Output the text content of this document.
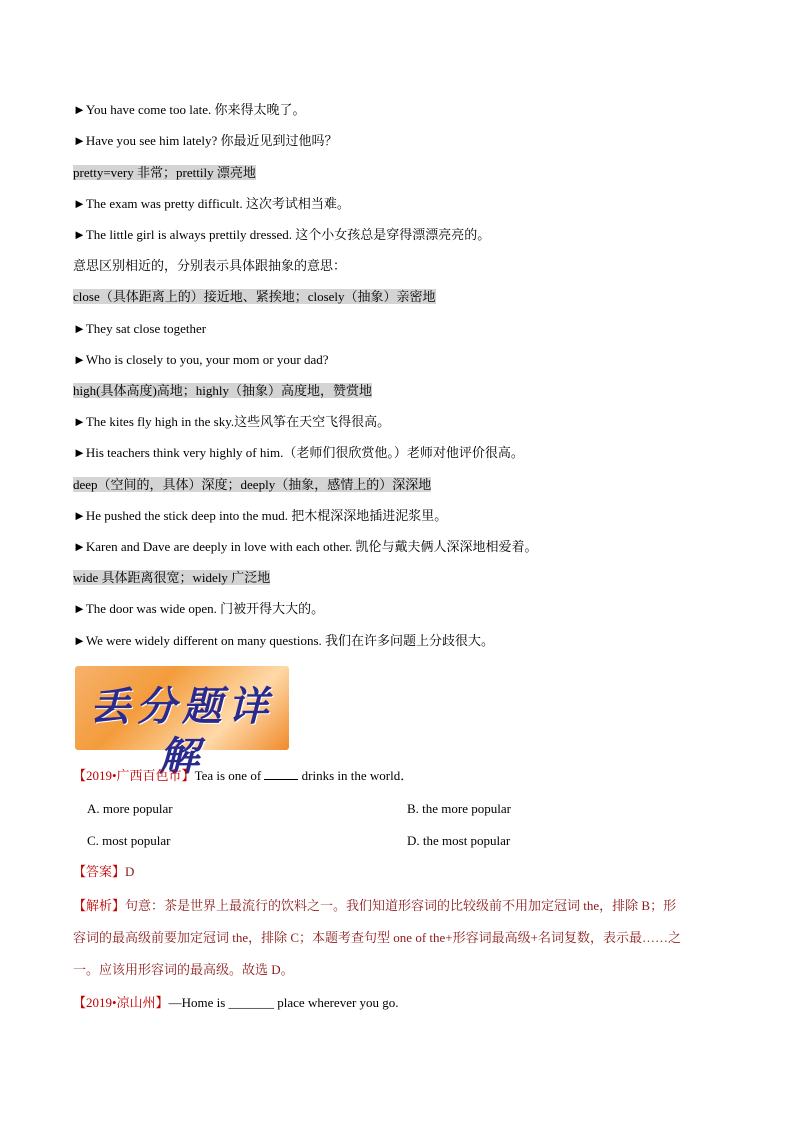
►You have come too late. 你来得太晚了。
►Have you see him lately? 你最近见到过他吗？
pretty=very 非常；prettily 漂亮地
►The exam was pretty difficult. 这次考试相当难。
►The little girl is always prettily dressed. 这个小女孩总是穿得漂漂亮亮的。
意思区别相近的，分别表示具体跟抽象的意思：
close（具体距离上的）接近地、紧挨地；closely（抽象）亲密地
►They sat close together
►Who is closely to you, your mom or your dad?
high(具体高度)高地；highly（抽象）高度地，赞赏地
►The kites fly high in the sky.这些风筝在天空飞得很高。
►His teachers think very highly of him.（老师们很欣赏他。）老师对他评价很高。
deep（空间的，具体）深度；deeply（抽象，感情上的）深深地
►He pushed the stick deep into the mud. 把木棍深深地插进泥浆里。
►Karen and Dave are deeply in love with each other. 凯伦与戴夫俩人深深地相爱着。
wide 具体距离很宽；widely 广泛地
►The door was wide open. 门被开得大大的。
►We were widely different on many questions. 我们在许多问题上分歧很大。
丢分题详解
【2019•广西百色市】Tea is one of	drinks in the world．
A. more popular	B. the more popular
C. most popular	D. the most popular
【答案】D
【解析】句意：茶是世界上最流行的饮料之一。我们知道形容词的比较级前不用加定冠词 the，排除 B；形
容词的最高级前要加定冠词 the，排除 C；本题考查句型 one of the+形容词最高级+名词复数，表示最……之
一。应该用形容词的最高级。故选 D。
【2019•凉山州】—Home is _______ place wherever you go.
